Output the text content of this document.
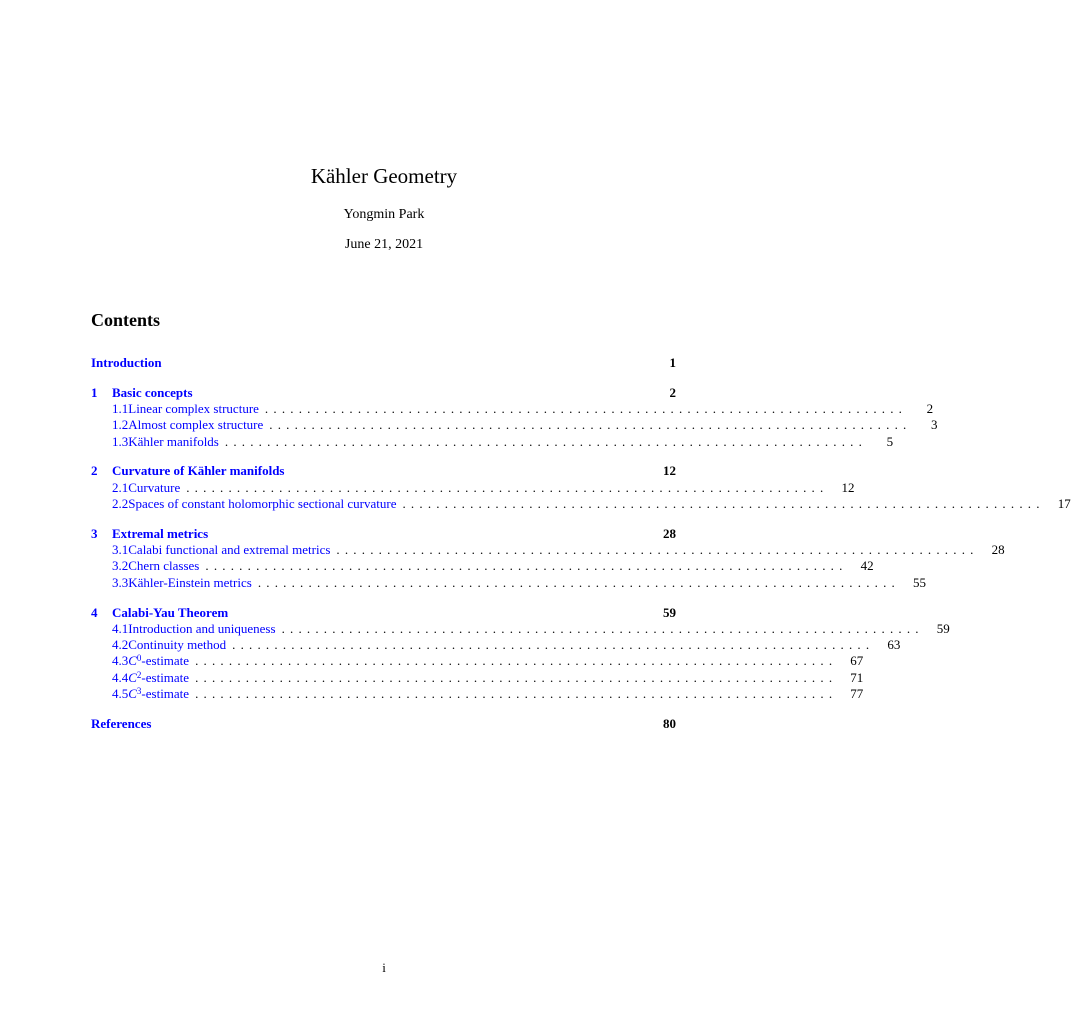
Kähler Geometry
Yongmin Park
June 21, 2021
Contents
Introduction	1
1	Basic concepts	2
1.1 Linear complex structure ............................................................................	2
1.2 Almost complex structure ............................................................................	3
1.3 Kähler manifolds ............................................................................	5
2	Curvature of Kähler manifolds	12
2.1 Curvature ............................................................................	12
2.2 Spaces of constant holomorphic sectional curvature ............................................................................	17
3	Extremal metrics	28
3.1 Calabi functional and extremal metrics ............................................................................	28
3.2 Chern classes ............................................................................	42
3.3 Kähler-Einstein metrics ............................................................................	55
4	Calabi-Yau Theorem	59
4.1 Introduction and uniqueness ............................................................................	59
4.2 Continuity method ............................................................................	63
4.3 $C^0$-estimate ............................................................................	67
4.4 $C^2$-estimate ............................................................................	71
4.5 $C^3$-estimate ............................................................................	77
References	80
i
